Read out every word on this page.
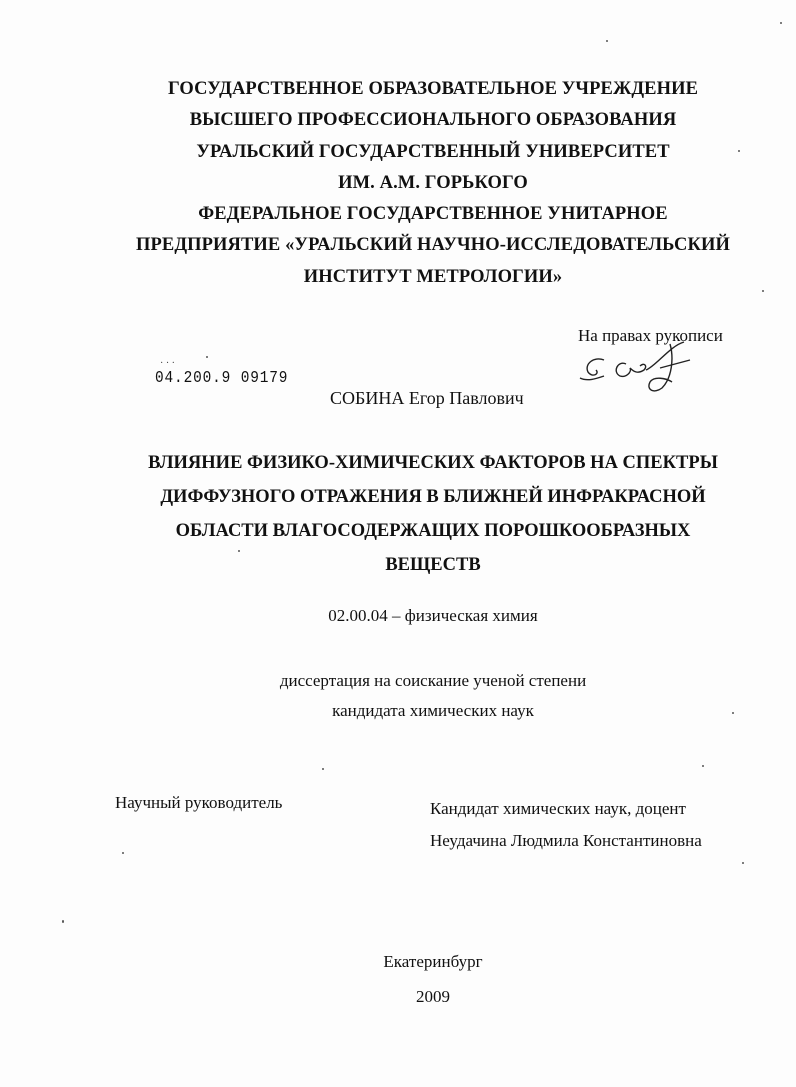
ГОСУДАРСТВЕННОЕ ОБРАЗОВАТЕЛЬНОЕ УЧРЕЖДЕНИЕ
ВЫСШЕГО ПРОФЕССИОНАЛЬНОГО ОБРАЗОВАНИЯ
УРАЛЬСКИЙ ГОСУДАРСТВЕННЫЙ УНИВЕРСИТЕТ
ИМ. А.М. ГОРЬКОГО
ФЕДЕРАЛЬНОЕ ГОСУДАРСТВЕННОЕ УНИТАРНОЕ
ПРЕДПРИЯТИЕ «УРАЛЬСКИЙ НАУЧНО-ИССЛЕДОВАТЕЛЬСКИЙ
ИНСТИТУТ МЕТРОЛОГИИ»
На правах рукописи
· · ·
04.200.9 09179
СОБИНА Егор Павлович
ВЛИЯНИЕ ФИЗИКО-ХИМИЧЕСКИХ ФАКТОРОВ НА СПЕКТРЫ
ДИФФУЗНОГО ОТРАЖЕНИЯ В БЛИЖНЕЙ ИНФРАКРАСНОЙ
ОБЛАСТИ ВЛАГОСОДЕРЖАЩИХ ПОРОШКООБРАЗНЫХ
ВЕЩЕСТВ
02.00.04 – физическая химия
диссертация на соискание ученой степени
кандидата химических наук
Научный руководитель	Кандидат химических наук, доцент
Неудачина Людмила Константиновна
Екатеринбург
2009
